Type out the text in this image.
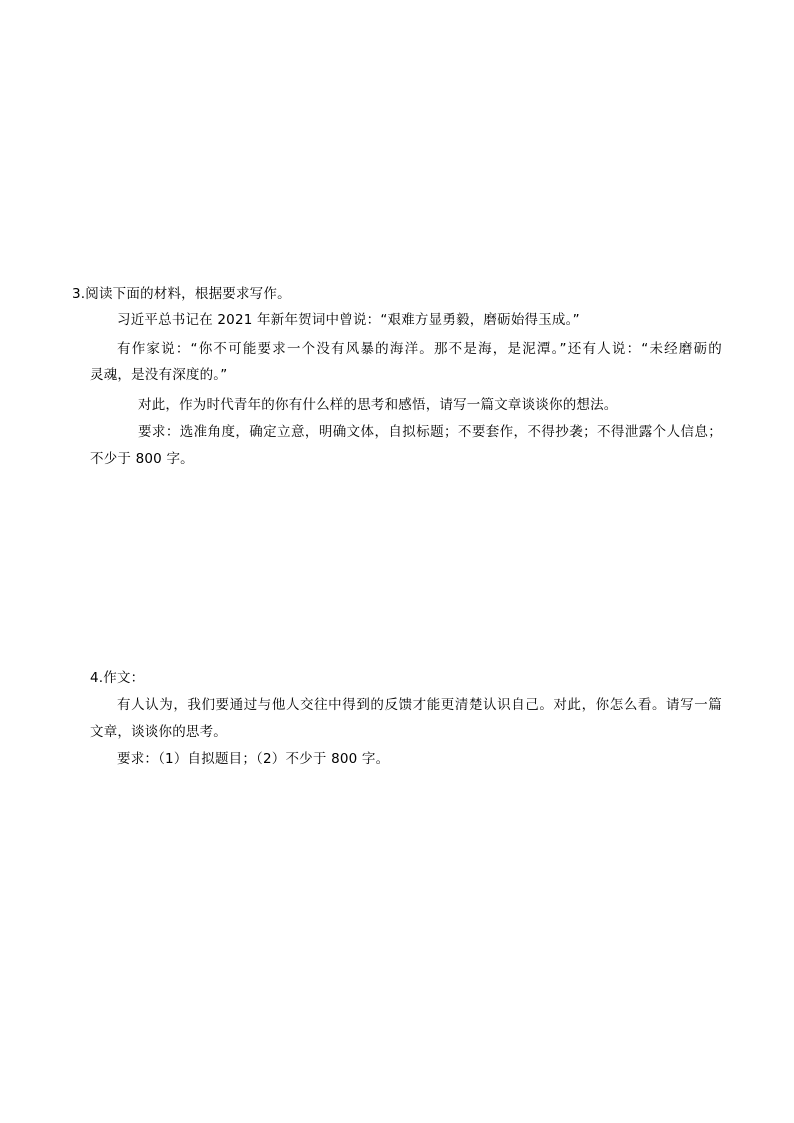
3.阅读下面的材料，根据要求写作。
习近平总书记在 2021 年新年贺词中曾说：“艰难方显勇毅，磨砺始得玉成。”
有作家说：“你不可能要求一个没有风暴的海洋。那不是海，是泥潭。”还有人说：“未经磨砺的
灵魂，是没有深度的。”
对此，作为时代青年的你有什么样的思考和感悟，请写一篇文章谈谈你的想法。
要求：选准角度，确定立意，明确文体，自拟标题；不要套作，不得抄袭；不得泄露个人信息；
不少于 800 字。
4.作文：
有人认为，我们要通过与他人交往中得到的反馈才能更清楚认识自己。对此，你怎么看。请写一篇
文章，谈谈你的思考。
要求：（1）自拟题目；（2）不少于 800 字。
